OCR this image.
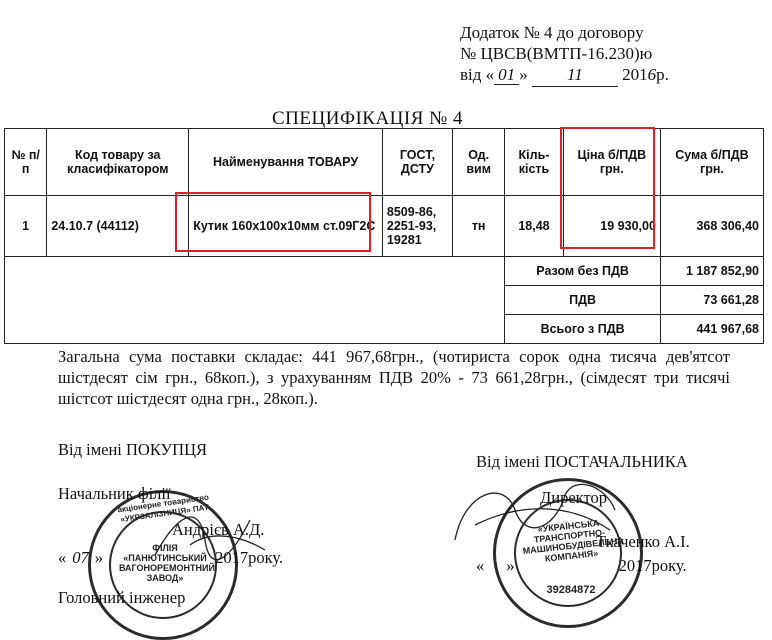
Додаток № 4 до договору
№ ЦВСВ(ВМТП-16.230)ю
від « 01 » 11 2016р.
СПЕЦИФІКАЦІЯ № 4
№ п/п	Код товару за класифікатором	Найменування ТОВАРУ	ГОСТ, ДСТУ	Од. вим	Кіль-кість	Ціна б/ПДВ грн.	Сума б/ПДВ грн.
1	24.10.7 (44112)	Кутик 160х100х10мм ст.09Г2С	8509-86, 2251-93, 19281	тн	18,48	19 930,00	368 306,40
					Разом без ПДВ		1 187 852,90
					ПДВ		73 661,28
					Всього з ПДВ		441 967,68
Загальна сума поставки складає: 441 967,68грн., (чотириста сорок одна тисяча дев'ятсот шістдесят сім грн., 68коп.), з урахуванням ПДВ 20% - 73 661,28грн., (сімдесят три тисячі шістсот шістдесят одна грн., 28коп.).
акціонерне товариство «УКРЗАЛІЗНИЦЯ» ПАТ
ФІЛІЯ «ПАНЮТИНСЬКИЙ ВАГОНОРЕМОНТНИЙ ЗАВОД»
«УКРАЇНСЬКА ТРАНСПОРТНО-МАШИНОБУДІВЕЛЬНА КОМПАНІЯ»
39284872
Від імені ПОКУПЦЯ
Начальник філії
Андрієв А.Д.
« 07 »	2017року.
Головний інженер
Від імені ПОСТАЧАЛЬНИКА
Директор
Ткаченко А.І.
« »	2017року.
